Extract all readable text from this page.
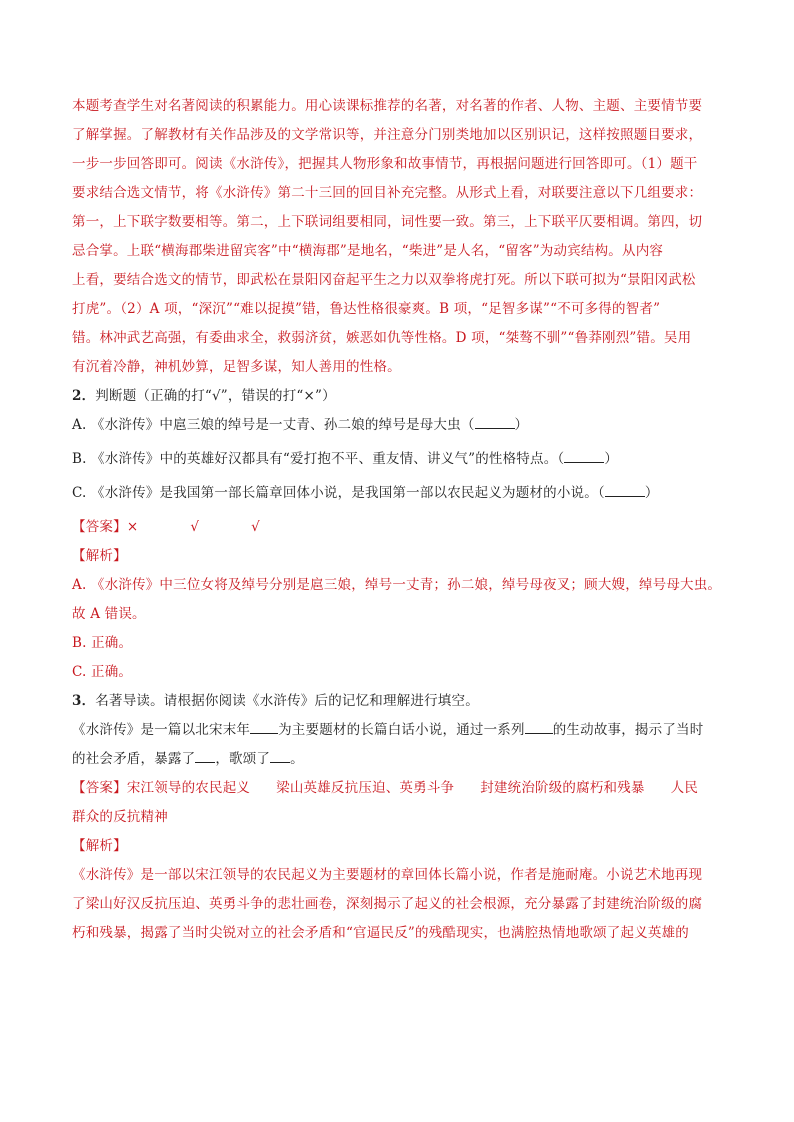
本题考查学生对名著阅读的积累能力。用心读课标推荐的名著，对名著的作者、人物、主题、主要情节要

了解掌握。了解教材有关作品涉及的文学常识等，并注意分门别类地加以区别识记，这样按照题目要求，

一步一步回答即可。阅读《水浒传》，把握其人物形象和故事情节，再根据问题进行回答即可。（1）题干

要求结合选文情节，将《水浒传》第二十三回的回目补充完整。从形式上看，对联要注意以下几组要求：

第一，上下联字数要相等。第二，上下联词组要相同，词性要一致。第三，上下联平仄要相调。第四，切

忌合掌。上联“横海郡柴进留宾客”中“横海郡”是地名，“柴进”是人名，“留客”为动宾结构。从内容

上看，要结合选文的情节，即武松在景阳冈奋起平生之力以双拳将虎打死。所以下联可拟为“景阳冈武松

打虎”。（2）A 项，“深沉”“难以捉摸”错，鲁达性格很豪爽。B 项，“足智多谋”“不可多得的智者”

错。林冲武艺高强，有委曲求全，救弱济贫，嫉恶如仇等性格。D 项，“桀骜不驯”“鲁莽刚烈”错。吴用

有沉着冷静，神机妙算，足智多谋，知人善用的性格。

2．判断题（正确的打“√”，错误的打“×”）

A. 《水浒传》中扈三娘的绰号是一丈青、孙二娘的绰号是母大虫（	）

B. 《水浒传》中的英雄好汉都具有“爱打抱不平、重友情、讲义气”的性格特点。（	）

C. 《水浒传》是我国第一部长篇章回体小说，是我国第一部以农民起义为题材的小说。（	）

【答案】×	√	√

【解析】

A. 《水浒传》中三位女将及绰号分别是扈三娘，绰号一丈青；孙二娘，绰号母夜叉；顾大嫂，绰号母大虫。

故 A 错误。

B. 正确。

C. 正确。

3．名著导读。请根据你阅读《水浒传》后的记忆和理解进行填空。

《水浒传》是一篇以北宋末年 为主要题材的长篇白话小说，通过一系列 的生动故事，揭示了当时

的社会矛盾，暴露了 ，歌颂了 。

【答案】宋江领导的农民起义 梁山英雄反抗压迫、英勇斗争 封建统治阶级的腐朽和残暴 人民

群众的反抗精神

【解析】

《水浒传》是一部以宋江领导的农民起义为主要题材的章回体长篇小说，作者是施耐庵。小说艺术地再现

了梁山好汉反抗压迫、英勇斗争的悲壮画卷，深刻揭示了起义的社会根源，充分暴露了封建统治阶级的腐

朽和残暴，揭露了当时尖锐对立的社会矛盾和“官逼民反”的残酷现实，也满腔热情地歌颂了起义英雄的
